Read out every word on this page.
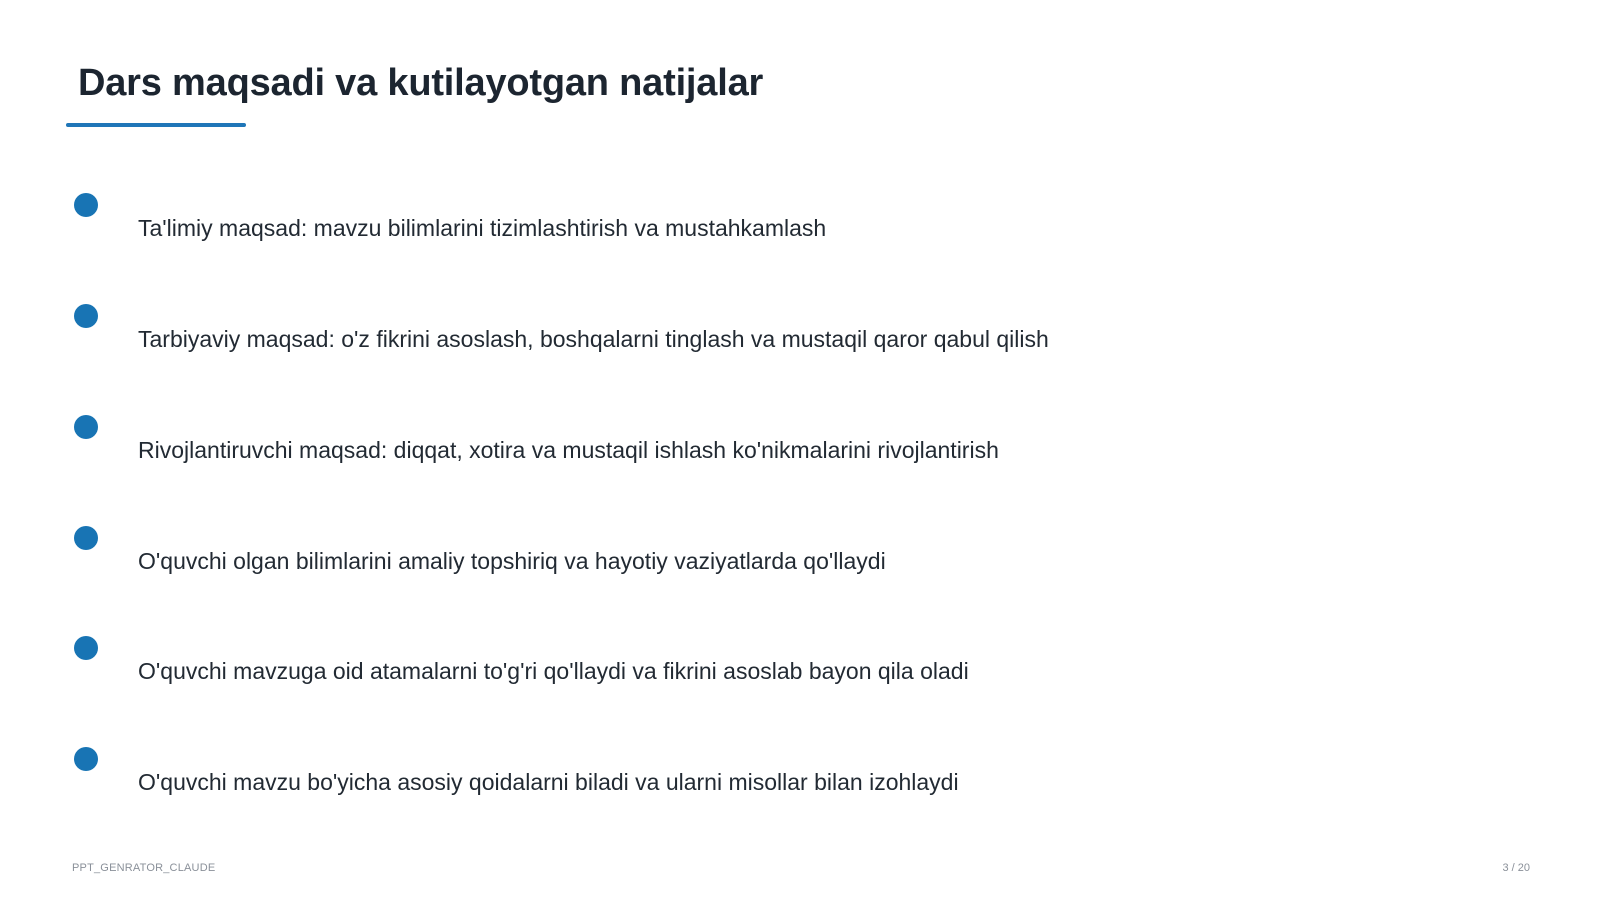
Dars maqsadi va kutilayotgan natijalar
Ta'limiy maqsad: mavzu bilimlarini tizimlashtirish va mustahkamlash
Tarbiyaviy maqsad: o'z fikrini asoslash, boshqalarni tinglash va mustaqil qaror qabul qilish
Rivojlantiruvchi maqsad: diqqat, xotira va mustaqil ishlash ko'nikmalarini rivojlantirish
O'quvchi olgan bilimlarini amaliy topshiriq va hayotiy vaziyatlarda qo'llaydi
O'quvchi mavzuga oid atamalarni to'g'ri qo'llaydi va fikrini asoslab bayon qila oladi
O'quvchi mavzu bo'yicha asosiy qoidalarni biladi va ularni misollar bilan izohlaydi
PPT_GENRATOR_CLAUDE	3 / 20
